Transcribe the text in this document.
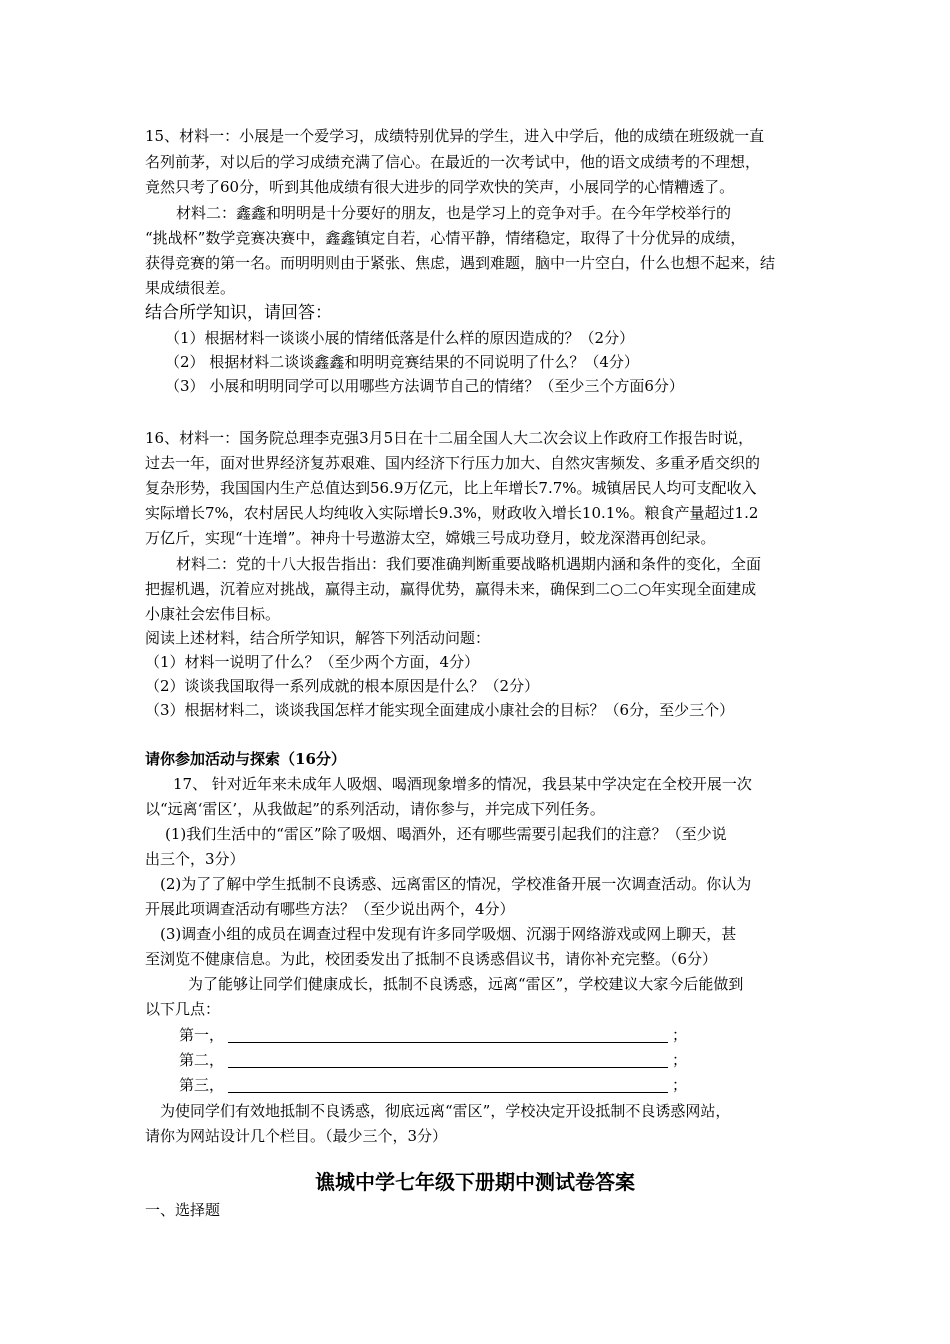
15、材料一：小展是一个爱学习，成绩特别优异的学生，进入中学后，他的成绩在班级就一直
名列前茅，对以后的学习成绩充满了信心。在最近的一次考试中，他的语文成绩考的不理想，
竟然只考了60分，听到其他成绩有很大进步的同学欢快的笑声，小展同学的心情糟透了。
材料二：鑫鑫和明明是十分要好的朋友，也是学习上的竞争对手。在今年学校举行的
“挑战杯”数学竞赛决赛中，鑫鑫镇定自若，心情平静，情绪稳定，取得了十分优异的成绩，
获得竞赛的第一名。而明明则由于紧张、焦虑，遇到难题，脑中一片空白，什么也想不起来，结
果成绩很差。
结合所学知识，请回答：
（1）根据材料一谈谈小展的情绪低落是什么样的原因造成的？（2分）
（2） 根据材料二谈谈鑫鑫和明明竞赛结果的不同说明了什么？（4分）
（3） 小展和明明同学可以用哪些方法调节自己的情绪？（至少三个方面6分）
16、材料一：国务院总理李克强3月5日在十二届全国人大二次会议上作政府工作报告时说，
过去一年，面对世界经济复苏艰难、国内经济下行压力加大、自然灾害频发、多重矛盾交织的
复杂形势，我国国内生产总值达到56.9万亿元，比上年增长7.7%。城镇居民人均可支配收入
实际增长7%，农村居民人均纯收入实际增长9.3%，财政收入增长10.1%。粮食产量超过1.2
万亿斤，实现“十连增”。神舟十号遨游太空，嫦娥三号成功登月，蛟龙深潜再创纪录。
材料二：党的十八大报告指出：我们要准确判断重要战略机遇期内涵和条件的变化，全面
把握机遇，沉着应对挑战，赢得主动，赢得优势，赢得未来，确保到二○二○年实现全面建成
小康社会宏伟目标。
阅读上述材料，结合所学知识，解答下列活动问题：
（1）材料一说明了什么？（至少两个方面，4分）
（2）谈谈我国取得一系列成就的根本原因是什么？（2分）
（3）根据材料二，谈谈我国怎样才能实现全面建成小康社会的目标？（6分，至少三个）
请你参加活动与探索（16分）
17、 针对近年来未成年人吸烟、喝酒现象增多的情况，我县某中学决定在全校开展一次
以“远离‘雷区’，从我做起”的系列活动，请你参与，并完成下列任务。
(1)我们生活中的“雷区”除了吸烟、喝酒外，还有哪些需要引起我们的注意？（至少说
出三个，3分）
(2)为了了解中学生抵制不良诱惑、远离雷区的情况，学校准备开展一次调查活动。你认为
开展此项调查活动有哪些方法？（至少说出两个，4分）
(3)调查小组的成员在调查过程中发现有许多同学吸烟、沉溺于网络游戏或网上聊天，甚
至浏览不健康信息。为此，校团委发出了抵制不良诱惑倡议书，请你补充完整。（6分）
为了能够让同学们健康成长，抵制不良诱惑，远离“雷区”，学校建议大家今后能做到
以下几点：
第一，	；
第二，	；
第三，	；
为使同学们有效地抵制不良诱惑，彻底远离“雷区”，学校决定开设抵制不良诱惑网站，
请你为网站设计几个栏目。（最少三个，3分）
谯城中学七年级下册期中测试卷答案
一、选择题
